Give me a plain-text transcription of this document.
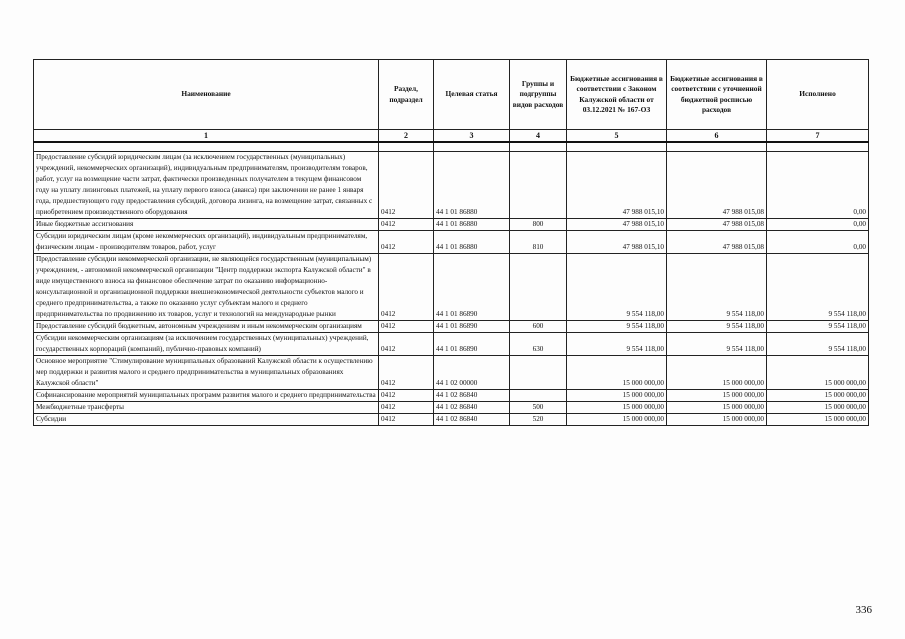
Наименование	Раздел, подраздел	Целевая статья	Группы и подгруппы видов расходов	Бюджетные ассигнования в соответствии с Законом Калужской области от 03.12.2021 № 167-ОЗ	Бюджетные ассигнования в соответствии с уточненной бюджетной росписью расходов	Исполнено
1	2	3	4	5	6	7

Предоставление субсидий юридическим лицам (за исключением государственных (муниципальных) учреждений, некоммерческих организаций), индивидуальным предпринимателям, производителям товаров, работ, услуг на возмещение части затрат, фактически произведенных получателем в текущем финансовом году на уплату лизинговых платежей, на уплату первого взноса (аванса) при заключении не ранее 1 января года, предшествующего году предоставления субсидий, договора лизинга, на возмещение затрат, связанных с приобретением производственного оборудования	0412	44 1 01 86880		47 988 015,10	47 988 015,08	0,00
Иные бюджетные ассигнования	0412	44 1 01 86880	800	47 988 015,10	47 988 015,08	0,00
Субсидии юридическим лицам (кроме некоммерческих организаций), индивидуальным предпринимателям, физическим лицам - производителям товаров, работ, услуг	0412	44 1 01 86880	810	47 988 015,10	47 988 015,08	0,00
Предоставление субсидии некоммерческой организации, не являющейся государственным (муниципальным) учреждением, - автономной некоммерческой организации "Центр поддержки экспорта Калужской области" в виде имущественного взноса на финансовое обеспечение затрат по оказанию информационно-консультационной и организационной поддержки внешнеэкономической деятельности субъектов малого и среднего предпринимательства, а также по оказанию услуг субъектам малого и среднего предпринимательства по продвижению их товаров, услуг и технологий на международные рынки	0412	44 1 01 86890		9 554 118,00	9 554 118,00	9 554 118,00
Предоставление субсидий бюджетным, автономным учреждениям и иным некоммерческим организациям	0412	44 1 01 86890	600	9 554 118,00	9 554 118,00	9 554 118,00
Субсидии некоммерческим организациям (за исключением государственных (муниципальных) учреждений, государственных корпораций (компаний), публично-правовых компаний)	0412	44 1 01 86890	630	9 554 118,00	9 554 118,00	9 554 118,00
Основное мероприятие "Стимулирование муниципальных образований Калужской области к осуществлению мер поддержки и развития малого и среднего предпринимательства в муниципальных образованиях Калужской области"	0412	44 1 02 00000		15 000 000,00	15 000 000,00	15 000 000,00
Софинансирование мероприятий муниципальных программ развития малого и среднего предпринимательства	0412	44 1 02 86840		15 000 000,00	15 000 000,00	15 000 000,00
Межбюджетные трансферты	0412	44 1 02 86840	500	15 000 000,00	15 000 000,00	15 000 000,00
Субсидии	0412	44 1 02 86840	520	15 000 000,00	15 000 000,00	15 000 000,00
336
